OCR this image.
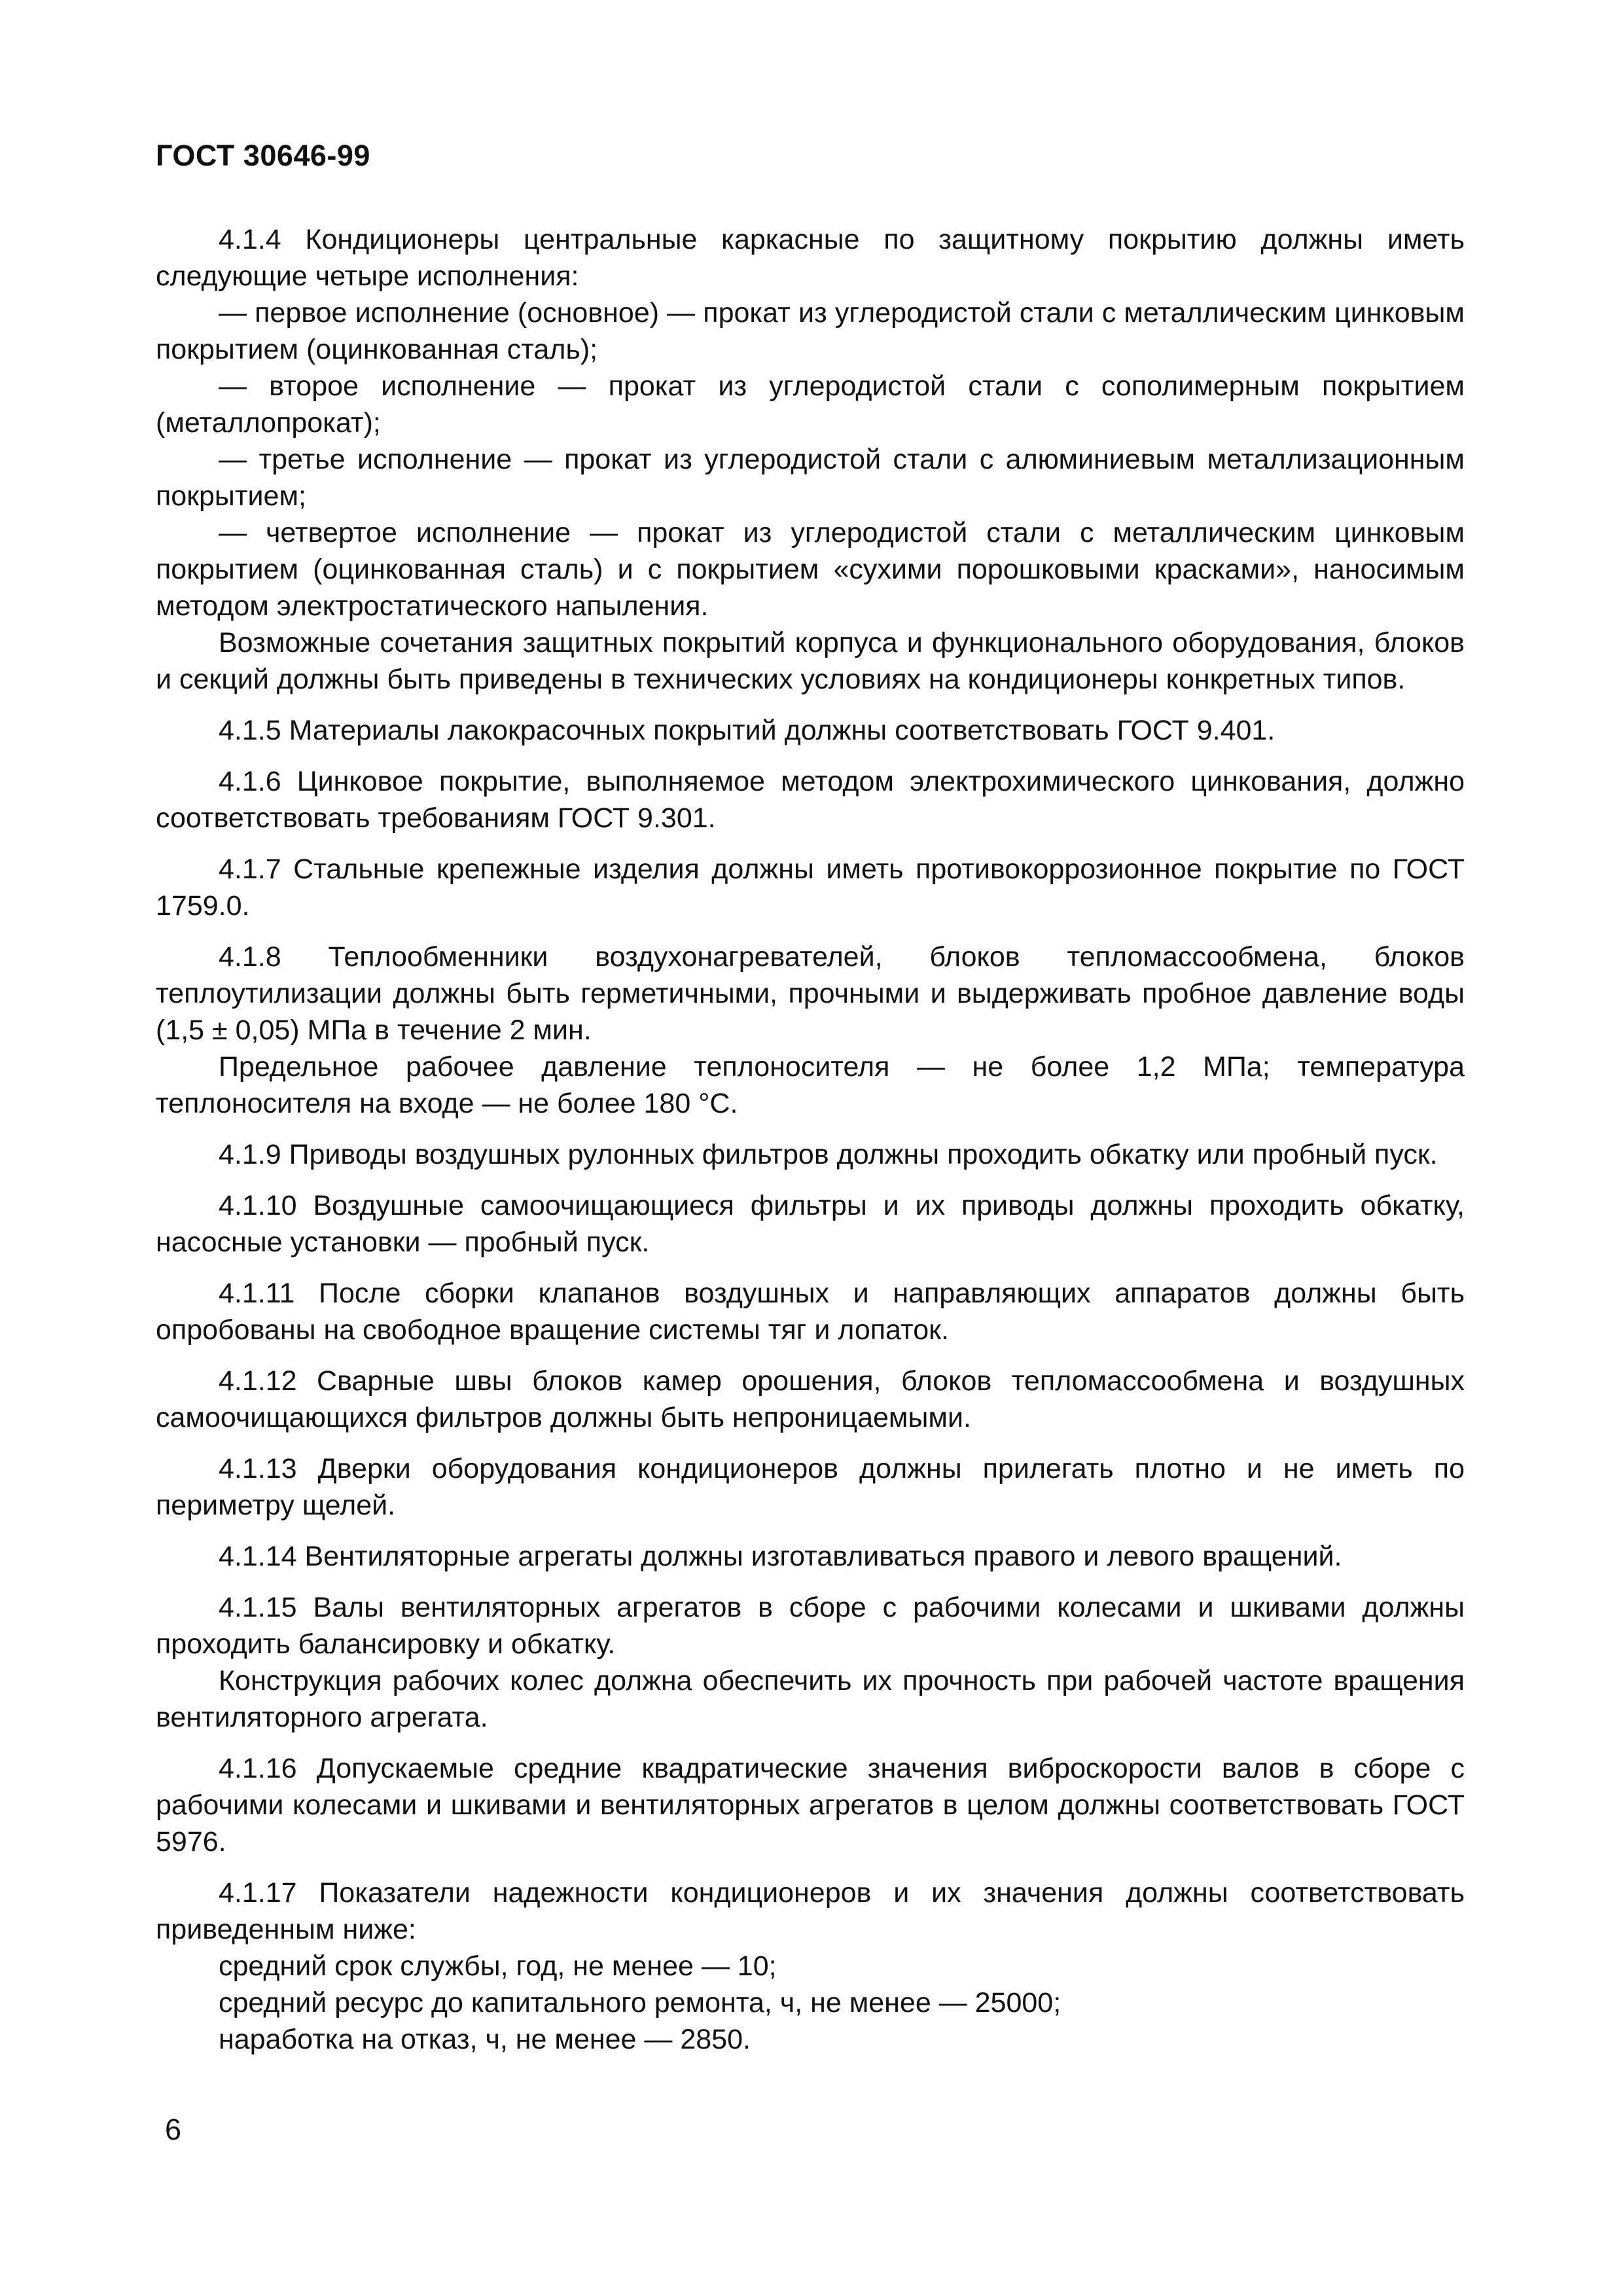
ГОСТ 30646-99

4.1.4 Кондиционеры центральные каркасные по защитному покрытию должны иметь следующие четыре исполнения:

— первое исполнение (основное) — прокат из углеродистой стали с металлическим цинковым покрытием (оцинкованная сталь);

— второе исполнение — прокат из углеродистой стали с сополимерным покрытием (металлопрокат);

— третье исполнение — прокат из углеродистой стали с алюминиевым металлизационным покрытием;

— четвертое исполнение — прокат из углеродистой стали с металлическим цинковым покрытием (оцинкованная сталь) и с покрытием «сухими порошковыми красками», наносимым методом электростатического напыления.

Возможные сочетания защитных покрытий корпуса и функционального оборудования, блоков и секций должны быть приведены в технических условиях на кондиционеры конкретных типов.

4.1.5 Материалы лакокрасочных покрытий должны соответствовать ГОСТ 9.401.

4.1.6 Цинковое покрытие, выполняемое методом электрохимического цинкования, должно соответствовать требованиям ГОСТ 9.301.

4.1.7 Стальные крепежные изделия должны иметь противокоррозионное покрытие по ГОСТ 1759.0.

4.1.8 Теплообменники воздухонагревателей, блоков тепломассообмена, блоков теплоутилизации должны быть герметичными, прочными и выдерживать пробное давление воды (1,5 ± 0,05) МПа в течение 2 мин.

Предельное рабочее давление теплоносителя — не более 1,2 МПа; температура теплоносителя на входе — не более 180 °С.

4.1.9 Приводы воздушных рулонных фильтров должны проходить обкатку или пробный пуск.

4.1.10 Воздушные самоочищающиеся фильтры и их приводы должны проходить обкатку, насосные установки — пробный пуск.

4.1.11 После сборки клапанов воздушных и направляющих аппаратов должны быть опробованы на свободное вращение системы тяг и лопаток.

4.1.12 Сварные швы блоков камер орошения, блоков тепломассообмена и воздушных самоочищающихся фильтров должны быть непроницаемыми.

4.1.13 Дверки оборудования кондиционеров должны прилегать плотно и не иметь по периметру щелей.

4.1.14 Вентиляторные агрегаты должны изготавливаться правого и левого вращений.

4.1.15 Валы вентиляторных агрегатов в сборе с рабочими колесами и шкивами должны проходить балансировку и обкатку.

Конструкция рабочих колес должна обеспечить их прочность при рабочей частоте вращения вентиляторного агрегата.

4.1.16 Допускаемые средние квадратические значения виброскорости валов в сборе с рабочими колесами и шкивами и вентиляторных агрегатов в целом должны соответствовать ГОСТ 5976.

4.1.17 Показатели надежности кондиционеров и их значения должны соответствовать приведенным ниже:

средний срок службы, год, не менее — 10;

средний ресурс до капитального ремонта, ч, не менее — 25000;

наработка на отказ, ч, не менее — 2850.

6
